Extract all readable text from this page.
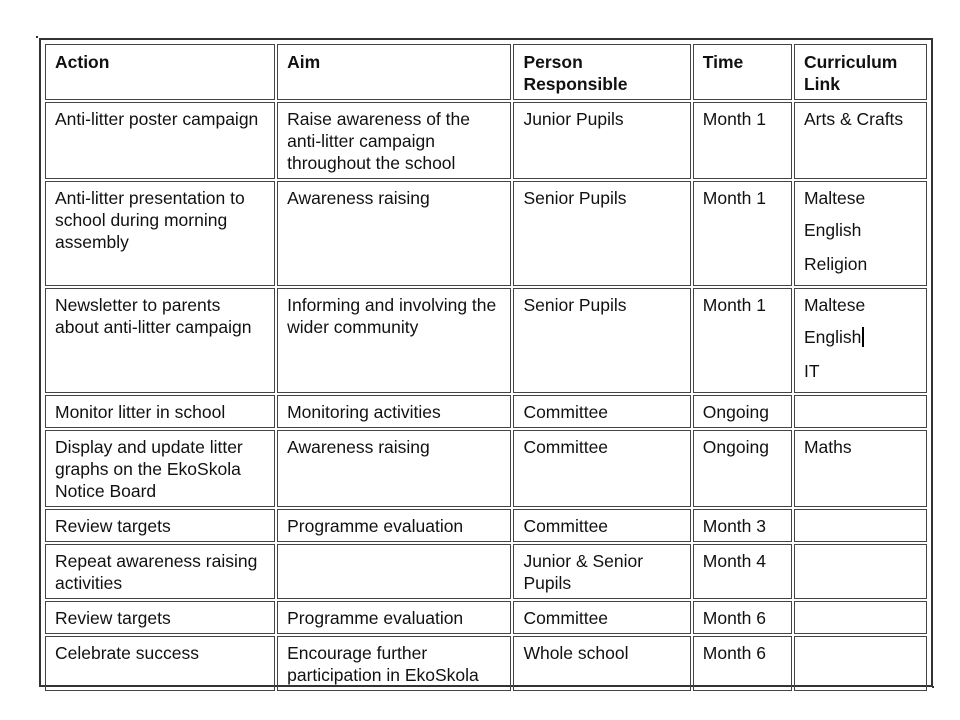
Action	Aim	Person Responsible	Time	Curriculum Link
Anti-litter poster campaign	Raise awareness of the anti-litter campaign throughout the school	Junior Pupils	Month 1	Arts & Crafts

Anti-litter presentation to school during morning assembly	Awareness raising	Senior Pupils	Month 1	Maltese
English
Religion

Newsletter to parents about anti-litter campaign	Informing and involving the wider community	Senior Pupils	Month 1	Maltese
English
IT

Monitor litter in school	Monitoring activities	Committee	Ongoing	
Display and update litter graphs on the EkoSkola Notice Board	Awareness raising	Committee	Ongoing	Maths

Review targets	Programme evaluation	Committee	Month 3	
Repeat awareness raising activities		Junior & Senior Pupils	Month 4	
Review targets	Programme evaluation	Committee	Month 6	
Celebrate success	Encourage further participation in EkoSkola	Whole school	Month 6	
